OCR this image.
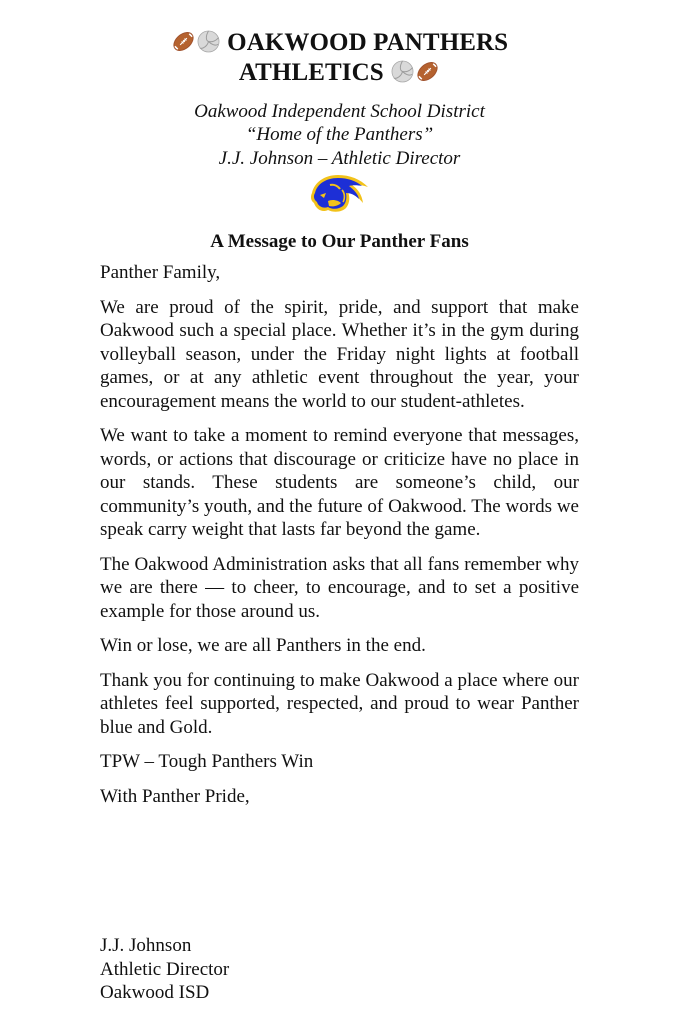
OAKWOOD PANTHERS
ATHLETICS
Oakwood Independent School District
“Home of the Panthers”
J.J. Johnson – Athletic Director
A Message to Our Panther Fans

Panther Family,

We are proud of the spirit, pride, and support that make Oakwood such a special place. Whether it’s in the gym during volleyball season, under the Friday night lights at football games, or at any athletic event throughout the year, your encouragement means the world to our student-athletes.

We want to take a moment to remind everyone that messages, words, or actions that discourage or criticize have no place in our stands. These students are someone’s child, our community’s youth, and the future of Oakwood. The words we speak carry weight that lasts far beyond the game.

The Oakwood Administration asks that all fans remember why we are there — to cheer, to encourage, and to set a positive example for those around us.

Win or lose, we are all Panthers in the end.

Thank you for continuing to make Oakwood a place where our athletes feel supported, respected, and proud to wear Panther blue and Gold.

TPW – Tough Panthers Win

With Panther Pride,

J.J. Johnson
Athletic Director
Oakwood ISD
